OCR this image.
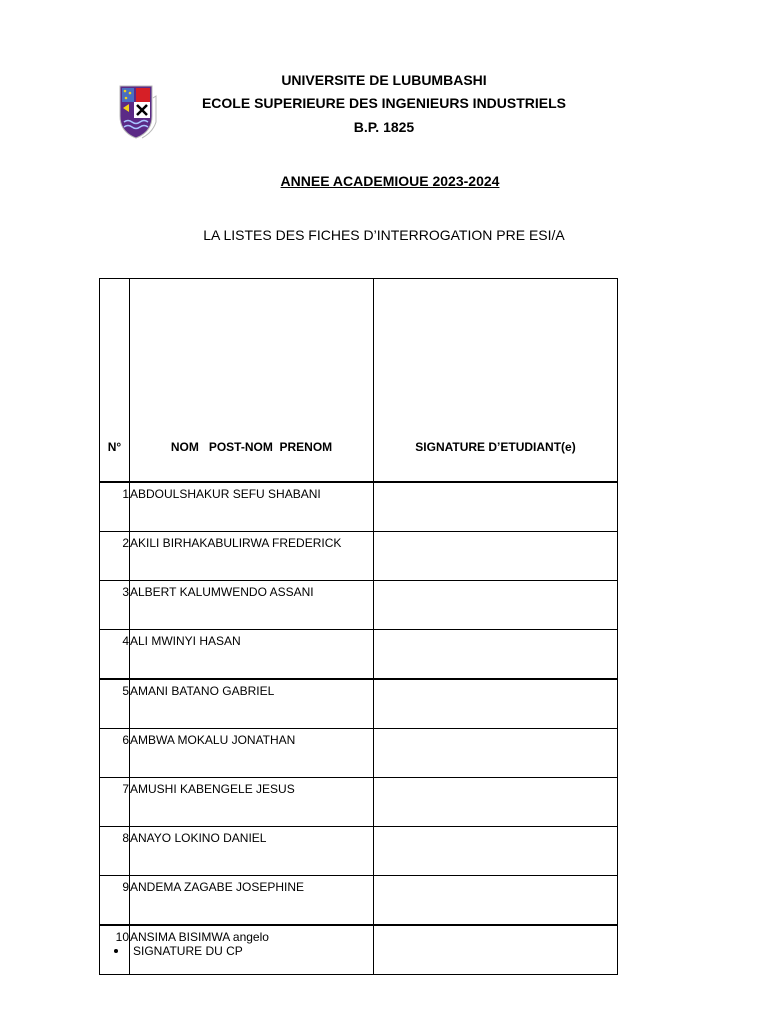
UNIVERSITE DE LUBUMBASHI
ECOLE SUPERIEURE DES INGENIEURS INDUSTRIELS
B.P. 1825
ANNEE ACADEMIOUE 2023-2024
LA LISTES DES FICHES D’INTERROGATION PRE ESI/A
N°	NOM   POST-NOM  PRENOM	SIGNATURE D’ETUDIANT(e)
1	ABDOULSHAKUR SEFU SHABANI	
2	AKILI BIRHAKABULIRWA FREDERICK	
3	ALBERT KALUMWENDO ASSANI	
4	ALI MWINYI HASAN	
5	AMANI BATANO GABRIEL	
6	AMBWA MOKALU JONATHAN	
7	AMUSHI KABENGELE JESUS	
8	ANAYO LOKINO DANIEL	
9	ANDEMA ZAGABE JOSEPHINE	
10	ANSIMA BISIMWA angelo	
SIGNATURE DU CP
